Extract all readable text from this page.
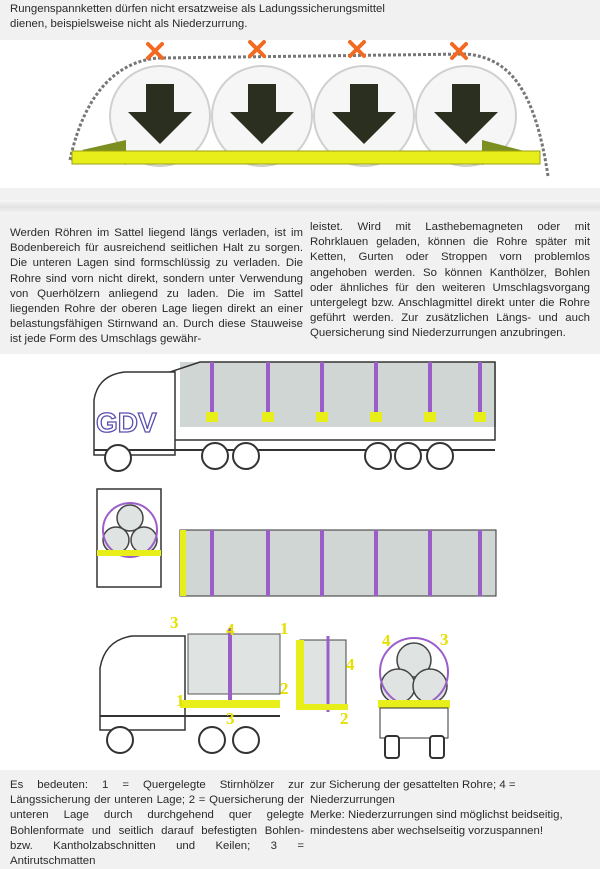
Rungenspannketten dürfen nicht ersatzweise als Ladungssicherungsmittel dienen, beispielsweise nicht als Niederzurrung.
Werden Röhren im Sattel liegend längs verladen, ist im Bodenbereich für ausreichend seitlichen Halt zu sorgen. Die unteren Lagen sind formschlüssig zu verladen. Die Rohre sind vorn nicht direkt, sondern unter Verwendung von Querhölzern anliegend zu laden. Die im Sattel liegenden Rohre der oberen Lage liegen direkt an einer belastungsfähigen Stirnwand an. Durch diese Stauweise ist jede Form des Umschlags gewähr-
leistet. Wird mit Lasthebemagneten oder mit Rohrklauen geladen, können die Rohre später mit Ketten, Gurten oder Stroppen vorn problemlos angehoben werden. So können Kanthölzer, Bohlen oder ähnliches für den weiteren Umschlagsvorgang untergelegt bzw. Anschlagmittel direkt unter die Rohre geführt werden. Zur zusätzlichen Längs- und auch Quersicherung sind Niederzurrungen anzubringen.
Es bedeuten: 1 = Quergelegte Stirnhölzer zur Längssicherung der unteren Lage; 2 = Quersicherung der unteren Lage durch durchgehend quer gelegte Bohlenformate und seitlich darauf befestigten Bohlen- bzw. Kantholzabschnitten und Keilen; 3 = Antirutschmatten
zur Sicherung der gesattelten Rohre; 4 = Niederzurrungen
Merke: Niederzurrungen sind möglichst beidseitig, mindestens aber wechselseitig vorzuspannen!
GDV
3	4
1
2
3
1
4
2
4	3
